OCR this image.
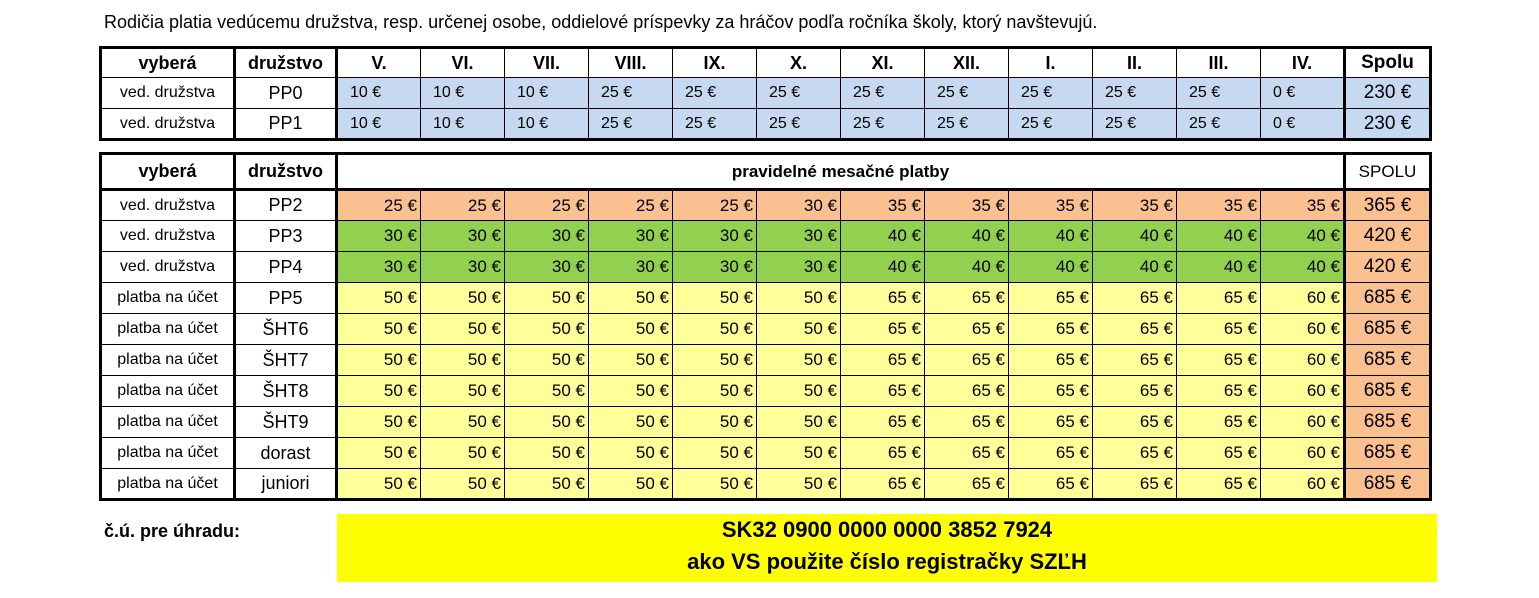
Rodičia platia vedúcemu družstva, resp. určenej osobe, oddielové príspevky za hráčov podľa ročníka školy, ktorý navštevujú.
vyberá	družstvo	V.	VI.	VII.	VIII.	IX.	X.	XI.	XII.	I.	II.	III.	IV.	Spolu
ved. družstva	PP0	10 €	10 €	10 €	25 €	25 €	25 €	25 €	25 €	25 €	25 €	25 €	0 €	230 €
ved. družstva	PP1	10 €	10 €	10 €	25 €	25 €	25 €	25 €	25 €	25 €	25 €	25 €	0 €	230 €
vyberá	družstvo	pravidelné mesačné platby												SPOLU
ved. družstva	PP2	25 €	25 €	25 €	25 €	25 €	30 €	35 €	35 €	35 €	35 €	35 €	35 €	365 €
ved. družstva	PP3	30 €	30 €	30 €	30 €	30 €	30 €	40 €	40 €	40 €	40 €	40 €	40 €	420 €
ved. družstva	PP4	30 €	30 €	30 €	30 €	30 €	30 €	40 €	40 €	40 €	40 €	40 €	40 €	420 €
platba na účet	PP5	50 €	50 €	50 €	50 €	50 €	50 €	65 €	65 €	65 €	65 €	65 €	60 €	685 €
platba na účet	ŠHT6	50 €	50 €	50 €	50 €	50 €	50 €	65 €	65 €	65 €	65 €	65 €	60 €	685 €
platba na účet	ŠHT7	50 €	50 €	50 €	50 €	50 €	50 €	65 €	65 €	65 €	65 €	65 €	60 €	685 €
platba na účet	ŠHT8	50 €	50 €	50 €	50 €	50 €	50 €	65 €	65 €	65 €	65 €	65 €	60 €	685 €
platba na účet	ŠHT9	50 €	50 €	50 €	50 €	50 €	50 €	65 €	65 €	65 €	65 €	65 €	60 €	685 €
platba na účet	dorast	50 €	50 €	50 €	50 €	50 €	50 €	65 €	65 €	65 €	65 €	65 €	60 €	685 €
platba na účet	juniori	50 €	50 €	50 €	50 €	50 €	50 €	65 €	65 €	65 €	65 €	65 €	60 €	685 €
č.ú. pre úhradu:	SK32 0900 0000 0000 3852 7924
ako VS použite číslo registračky SZĽH
